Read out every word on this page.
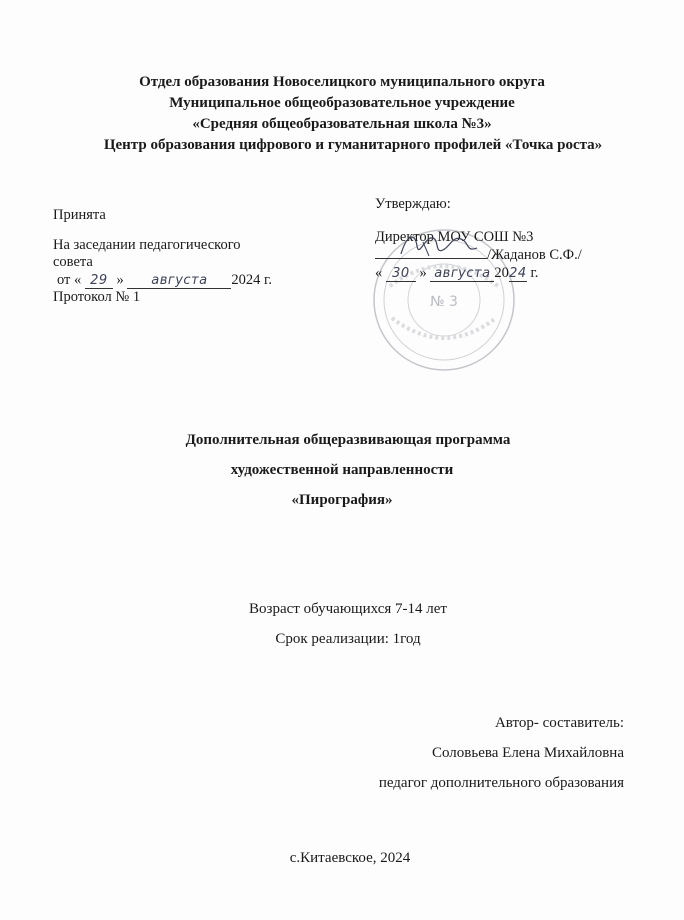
Отдел образования Новоселицкого муниципального округа
Муниципальное общеобразовательное учреждение
«Средняя общеобразовательная школа №3»
Центр образования цифрового и гуманитарного профилей «Точка роста»
Принята
На заседании педагогического
совета
от « 29 » августа 2024 г.
Протокол № 1	№ 3
Утверждаю:
Директор МОУ СОШ №3
/Жаданов С.Ф./
« 30 » августа 2024 г.
Дополнительная общеразвивающая программа
художественной направленности
«Пирография»
Возраст обучающихся 7-14 лет
Срок реализации: 1год
Автор- составитель:
Соловьева Елена Михайловна
педагог дополнительного образования
с.Китаевское, 2024
